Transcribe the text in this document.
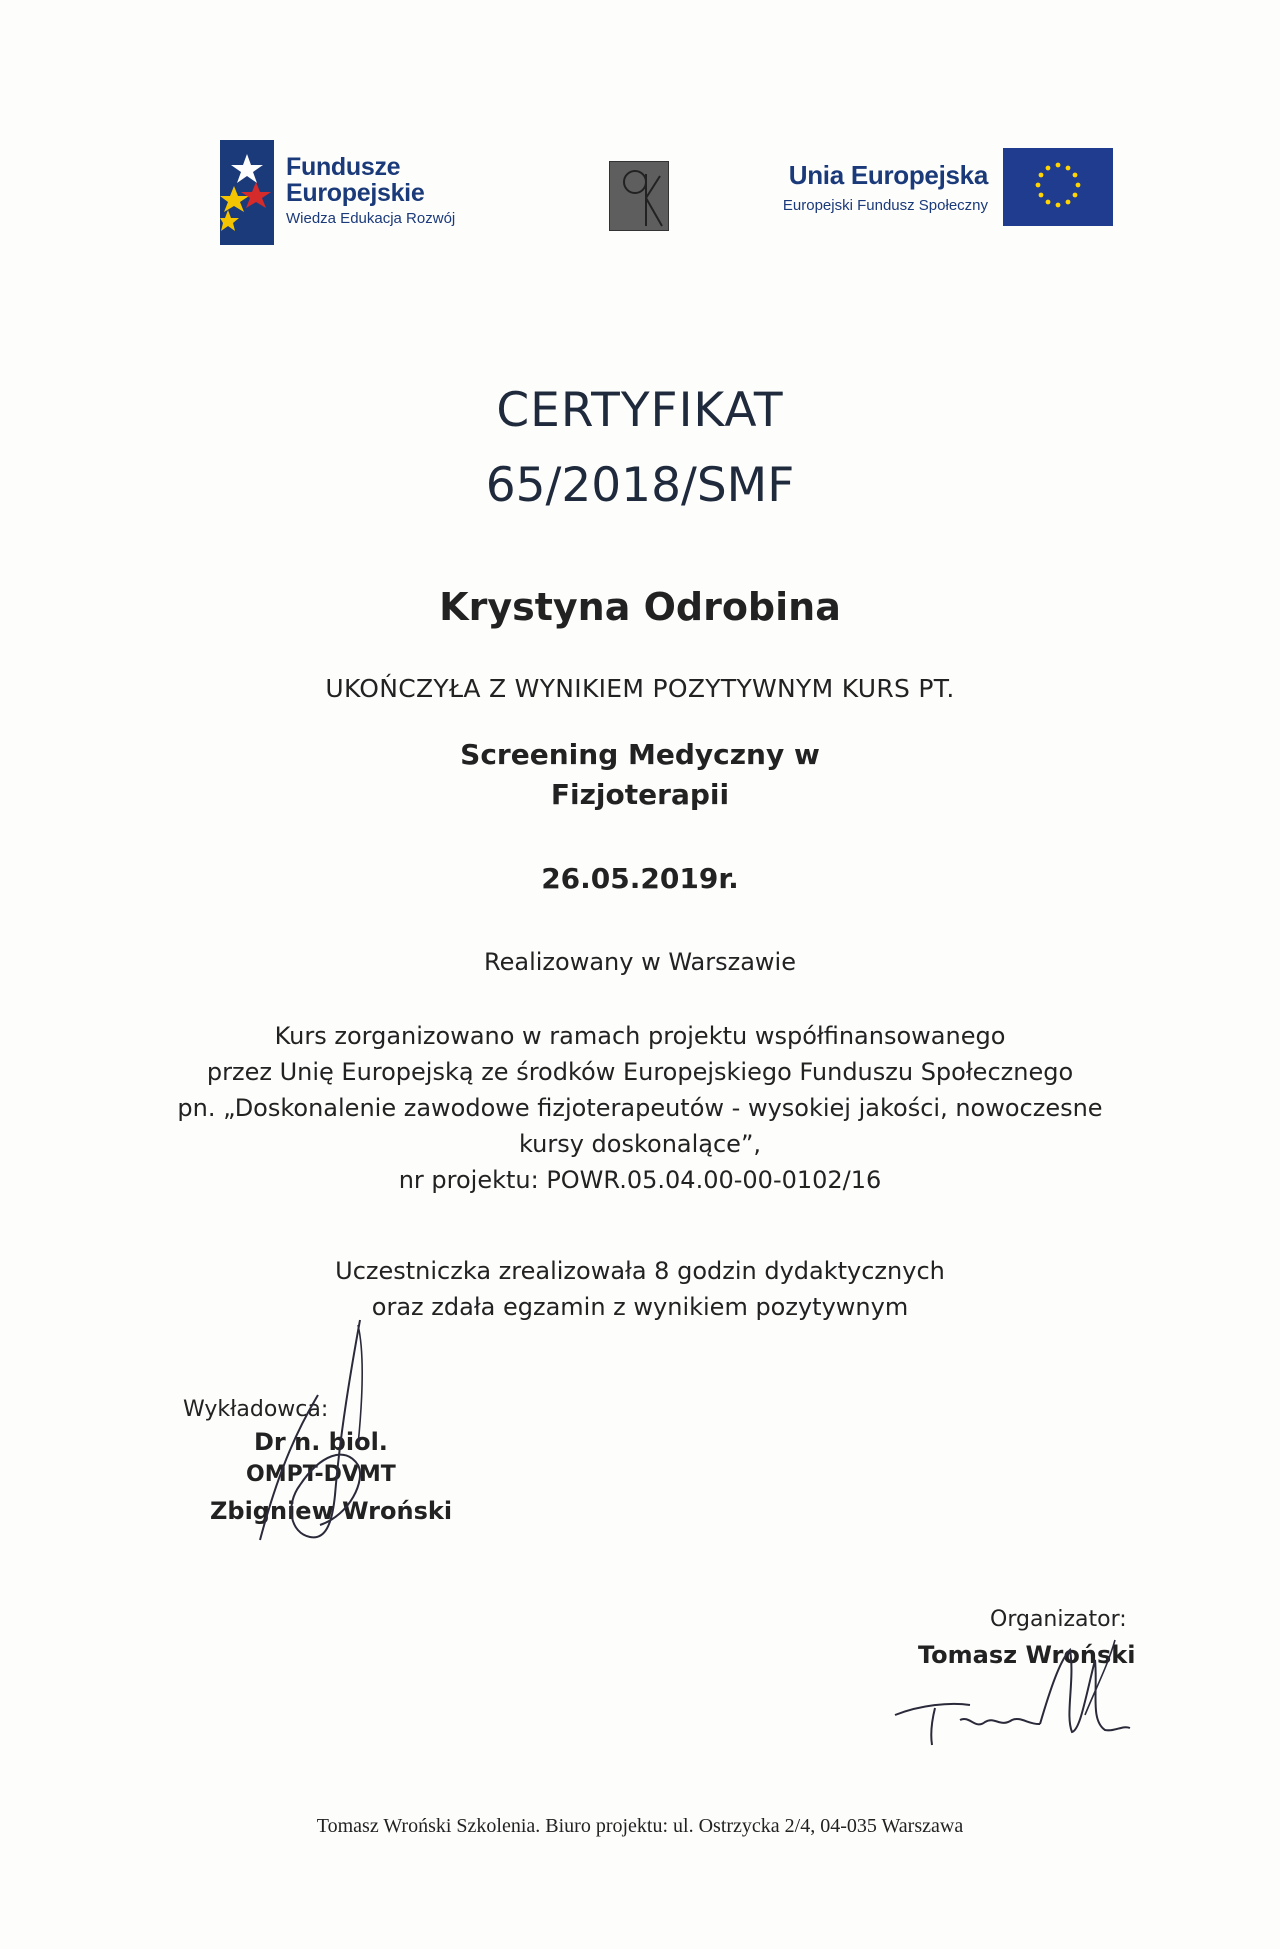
Fundusze
Europejskie
Wiedza Edukacja Rozwój
Unia Europejska
Europejski Fundusz Społeczny
CERTYFIKAT
65/2018/SMF
Krystyna Odrobina
UKOŃCZYŁA Z WYNIKIEM POZYTYWNYM KURS PT.
Screening Medyczny w
Fizjoterapii
26.05.2019r.
Realizowany w Warszawie
Kurs zorganizowano w ramach projektu współfinansowanego
przez Unię Europejską ze środków Europejskiego Funduszu Społecznego
pn. „Doskonalenie zawodowe fizjoterapeutów - wysokiej jakości, nowoczesne
kursy doskonalące”,
nr projektu: POWR.05.04.00-00-0102/16
Uczestniczka zrealizowała 8 godzin dydaktycznych
oraz zdała egzamin z wynikiem pozytywnym
Wykładowca:
Dr n. biol.
OMPT-DVMT
Zbigniew Wroński
Organizator:
Tomasz Wroński
Tomasz Wroński Szkolenia. Biuro projektu: ul. Ostrzycka 2/4, 04-035 Warszawa
